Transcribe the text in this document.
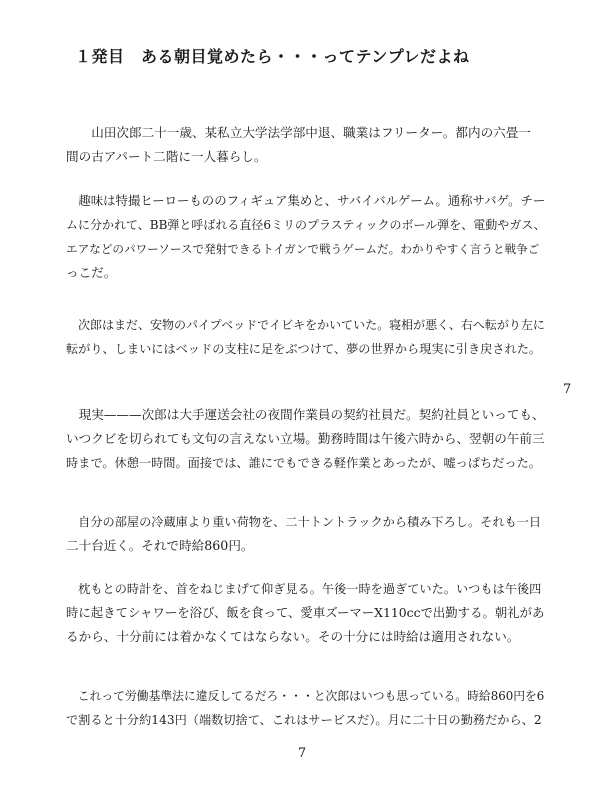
１発目　ある朝目覚めたら・・・ってテンプレだよね

　　山田次郎二十一歳、某私立大学法学部中退、職業はフリーター。都内の六畳一
間の古アパート二階に一人暮らし。

　趣味は特撮ヒーローもののフィギュア集めと、サバイバルゲーム。通称サバゲ。チー
ムに分かれて、BB弾と呼ばれる直径6ミリのプラスティックのボール弾を、電動やガス、
エアなどのパワーソースで発射できるトイガンで戦うゲームだ。わかりやすく言うと戦争ご
っこだ。

　次郎はまだ、安物のパイプベッドでイビキをかいていた。寝相が悪く、右へ転がり左に
転がり、しまいにはベッドの支柱に足をぶつけて、夢の世界から現実に引き戻された。

　現実———次郎は大手運送会社の夜間作業員の契約社員だ。契約社員といっても、
いつクビを切られても文句の言えない立場。勤務時間は午後六時から、翌朝の午前三
時まで。休憩一時間。面接では、誰にでもできる軽作業とあったが、嘘っぱちだった。

　自分の部屋の冷蔵庫より重い荷物を、二十トントラックから積み下ろし。それも一日
二十台近く。それで時給860円。

　枕もとの時計を、首をねじまげて仰ぎ見る。午後一時を過ぎていた。いつもは午後四
時に起きてシャワーを浴び、飯を食って、愛車ズーマーX110ccで出勤する。朝礼があ
るから、十分前には着かなくてはならない。その十分には時給は適用されない。

　これって労働基準法に違反してるだろ・・・と次郎はいつも思っている。時給860円を6
で割ると十分約143円（端数切捨て、これはサービスだ）。月に二十日の勤務だから、2

7
7
